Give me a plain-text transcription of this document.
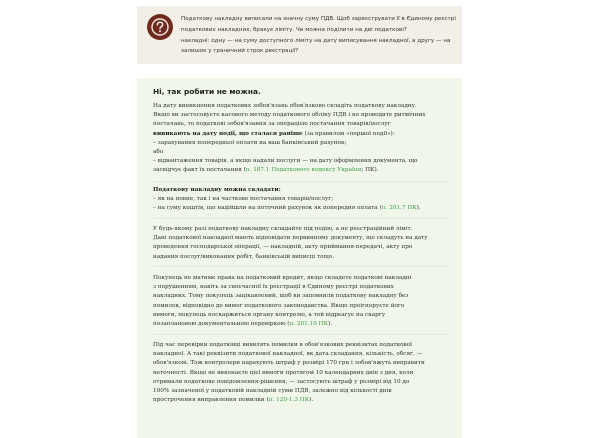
Податкову накладну виписали на значну суму ПДВ. Щоб зареєструвати її в Єдиному реєстрі
податкових накладних, бракує ліміту. Чи можна поділити на дві податкові?
накладні: одну — на суму доступного ліміту на дату виписування накладної, а другу — на
залишок у граничний строк реєстрації?
Ні, так робити не можна.
На дату виникнення податкових зобов'язань обов'язково складіть податкову накладну.
Якщо ви застосовуєте касового методу податкового обліку ПДВ і не проводите ритмічних
постачань, то податкові зобов'язання за операцією постачання товарів/послуг
виникають на дату події, що сталася раніше (за правилом «першої події»):
– зарахування попередньої оплати на ваш банківський рахунок;
або
– відвантаження товарів, а якщо надали послуги — на дату оформлення документа, що
засвідчує факт їх постачання (п. 187.1 Податкового кодексу України; ПК).
Податкову накладну можна складати:
– як на повне, так і на часткове постачання товарів/послуг;
– на суму коштів, що надійшли на поточний рахунок як попередня оплата (п. 201.7 ПК).
У будь-якому разі податкову накладну складайте під подію, а не реєстраційний ліміт.
Дані податкової накладної мають відповідати первинному документу, що складуть на дату
проведення господарської операції, — накладній, акту приймання-передачі, акту про
надання послуг/виконання робіт, банківській виписці тощо.
Покупець не матиме права на податковий кредит, якщо складете податкові накладні
з порушенням, навіть за своєчасної їх реєстрації в Єдиному реєстрі податкових
накладних. Тому покупець зацікавлений, щоб ви заповнили податкову накладну без
помилок, відповідно до вимог податкового законодавства. Якщо проігноруєте його
вимоги, покупець поскаржиться органу контролю, а той відреагує на скаргу
позаплановою документальною перевіркою (п. 201.10 ПК).
Під час перевірки податківці виявлять помилки в обов'язкових реквізитах податкової
накладної. А такі реквізити податкової накладної, як дата складання, кількість, обсяг, —
обов'язкові. Тож контролери нарахують штраф у розмірі 170 грн і зобов'яжуть виправити
неточності. Якщо не виконаєте цієї вимоги протягом 10 календарних днів з дня, коли
отримали податкове повідомлення-рішення, — застосують штраф у розмірі від 10 до
100% зазначеної у податковій накладній суми ПДВ, залежно від кількості днів
прострочення виправлення помилки (п. 120-1.3 ПК).
